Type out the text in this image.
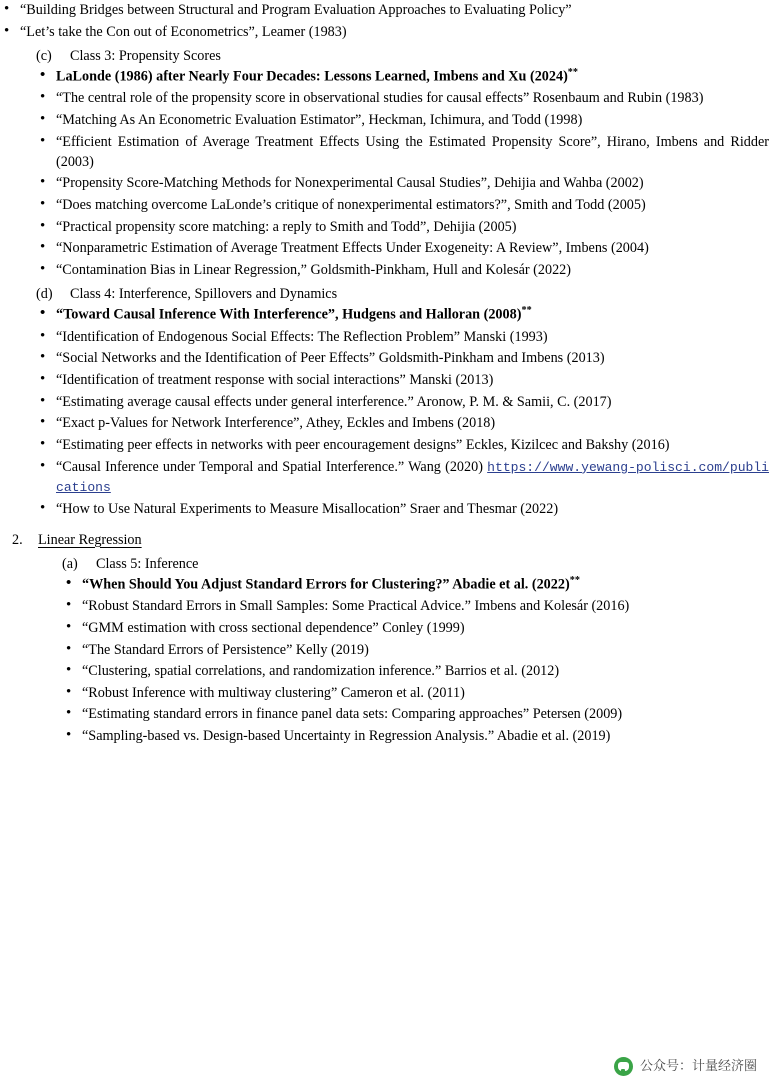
• “Building Bridges between Structural and Program Evaluation Approaches to Evaluating Policy”
• “Let’s take the Con out of Econometrics”, Leamer (1983)
(c)	Class 3: Propensity Scores
• LaLonde (1986) after Nearly Four Decades: Lessons Learned, Imbens and Xu (2024)**
• “The central role of the propensity score in observational studies for causal effects” Rosenbaum and Rubin (1983)
• “Matching As An Econometric Evaluation Estimator”, Heckman, Ichimura, and Todd (1998)
• “Efficient Estimation of Average Treatment Effects Using the Estimated Propensity Score”, Hirano, Imbens and Ridder (2003)
• “Propensity Score-Matching Methods for Nonexperimental Causal Studies”, Dehijia and Wahba (2002)
• “Does matching overcome LaLonde’s critique of nonexperimental estimators?”, Smith and Todd (2005)
• “Practical propensity score matching: a reply to Smith and Todd”, Dehijia (2005)
• “Nonparametric Estimation of Average Treatment Effects Under Exogeneity: A Review”, Imbens (2004)
• “Contamination Bias in Linear Regression,” Goldsmith-Pinkham, Hull and Kolesár (2022)
(d)	Class 4: Interference, Spillovers and Dynamics
• “Toward Causal Inference With Interference”, Hudgens and Halloran (2008)**
• “Identification of Endogenous Social Effects: The Reflection Problem” Manski (1993)
• “Social Networks and the Identification of Peer Effects” Goldsmith-Pinkham and Imbens (2013)
• “Identification of treatment response with social interactions” Manski (2013)
• “Estimating average causal effects under general interference.” Aronow, P. M. & Samii, C. (2017)
• “Exact p-Values for Network Interference”, Athey, Eckles and Imbens (2018)
• “Estimating peer effects in networks with peer encouragement designs” Eckles, Kizilcec and Bakshy (2016)
• “Causal Inference under Temporal and Spatial Interference.” Wang (2020) https://www.yewang-polisci.com/publications
• “How to Use Natural Experiments to Measure Misallocation” Sraer and Thesmar (2022)
2.	Linear Regression
(a)	Class 5: Inference
• “When Should You Adjust Standard Errors for Clustering?” Abadie et al. (2022)**
• “Robust Standard Errors in Small Samples: Some Practical Advice.” Imbens and Kolesár (2016)
• “GMM estimation with cross sectional dependence” Conley (1999)
• “The Standard Errors of Persistence” Kelly (2019)
• “Clustering, spatial correlations, and randomization inference.” Barrios et al. (2012)
• “Robust Inference with multiway clustering” Cameron et al. (2011)
• “Estimating standard errors in finance panel data sets: Comparing approaches” Petersen (2009)
• “Sampling-based vs. Design-based Uncertainty in Regression Analysis.” Abadie et al. (2019)
公众号：计量经济圈
